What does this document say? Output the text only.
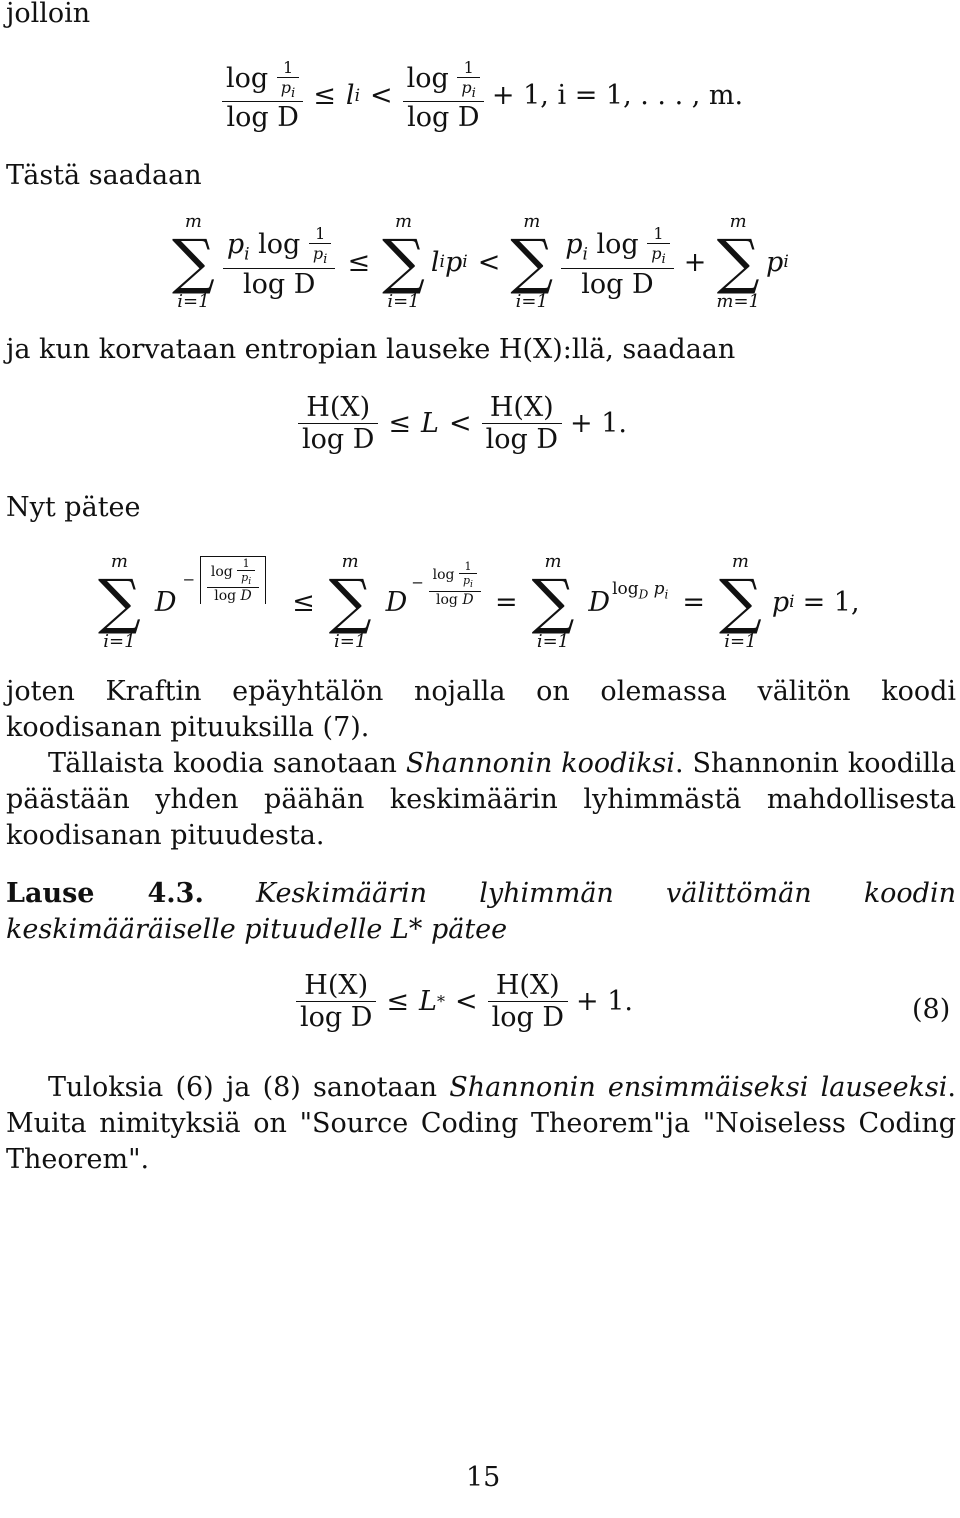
jolloin
$\frac{\log \frac{1}{p_i}}{\text{log D}} \le l$ $i < \frac{\log \frac{1}{p_i}}{\text{log D}} + 1$, i = 1, . . . , m.
Tästä saadaan
m
∑
i=1
$\frac{p_i \log \frac{1}{p_i}}{\text{log D}}$ ≤
m
∑
i=1
l i p i <
m
∑
i=1
$\frac{p_i \log \frac{1}{p_i}}{\text{log D}}$ +
m
∑
m=1
p i
ja kun korvataan entropian lauseke H(X):llä, saadaan
$\frac{H(X)}{\text{log D}} \le L < \frac{H(X)}{\text{log D}} + 1$.
Nyt pätee
m
∑
i=1
D
− $\frac{\log \frac{1}{p_i}}{\text{log D}}$ ≤
m
∑
i=1
D
− $\frac{\log \frac{1}{p_i}}{\text{log D}}$ =
m
∑
i=1
D $\log_D p_i$ =
m
∑
i=1
p i = 1,
joten Kraftin epäyhtälön nojalla on olemassa välitön koodi koodisanan pituuksilla (7).
Tällaista koodia sanotaan Shannonin koodiksi. Shannonin koodilla päästään yhden päähän keskimäärin lyhimmästä mahdollisesta koodisanan pituudesta.
Lause 4.3. Keskimäärin lyhimmän välittömän koodin keskimääräiselle pituudelle L* pätee
$\frac{H(X)}{\text{log D}} \le L$ * < $\frac{H(X)}{\text{log D}} + 1$.	(8)
Tuloksia (6) ja (8) sanotaan Shannonin ensimmäiseksi lauseeksi. Muita nimityksiä on "Source Coding Theorem"ja "Noiseless Coding Theorem".
15
